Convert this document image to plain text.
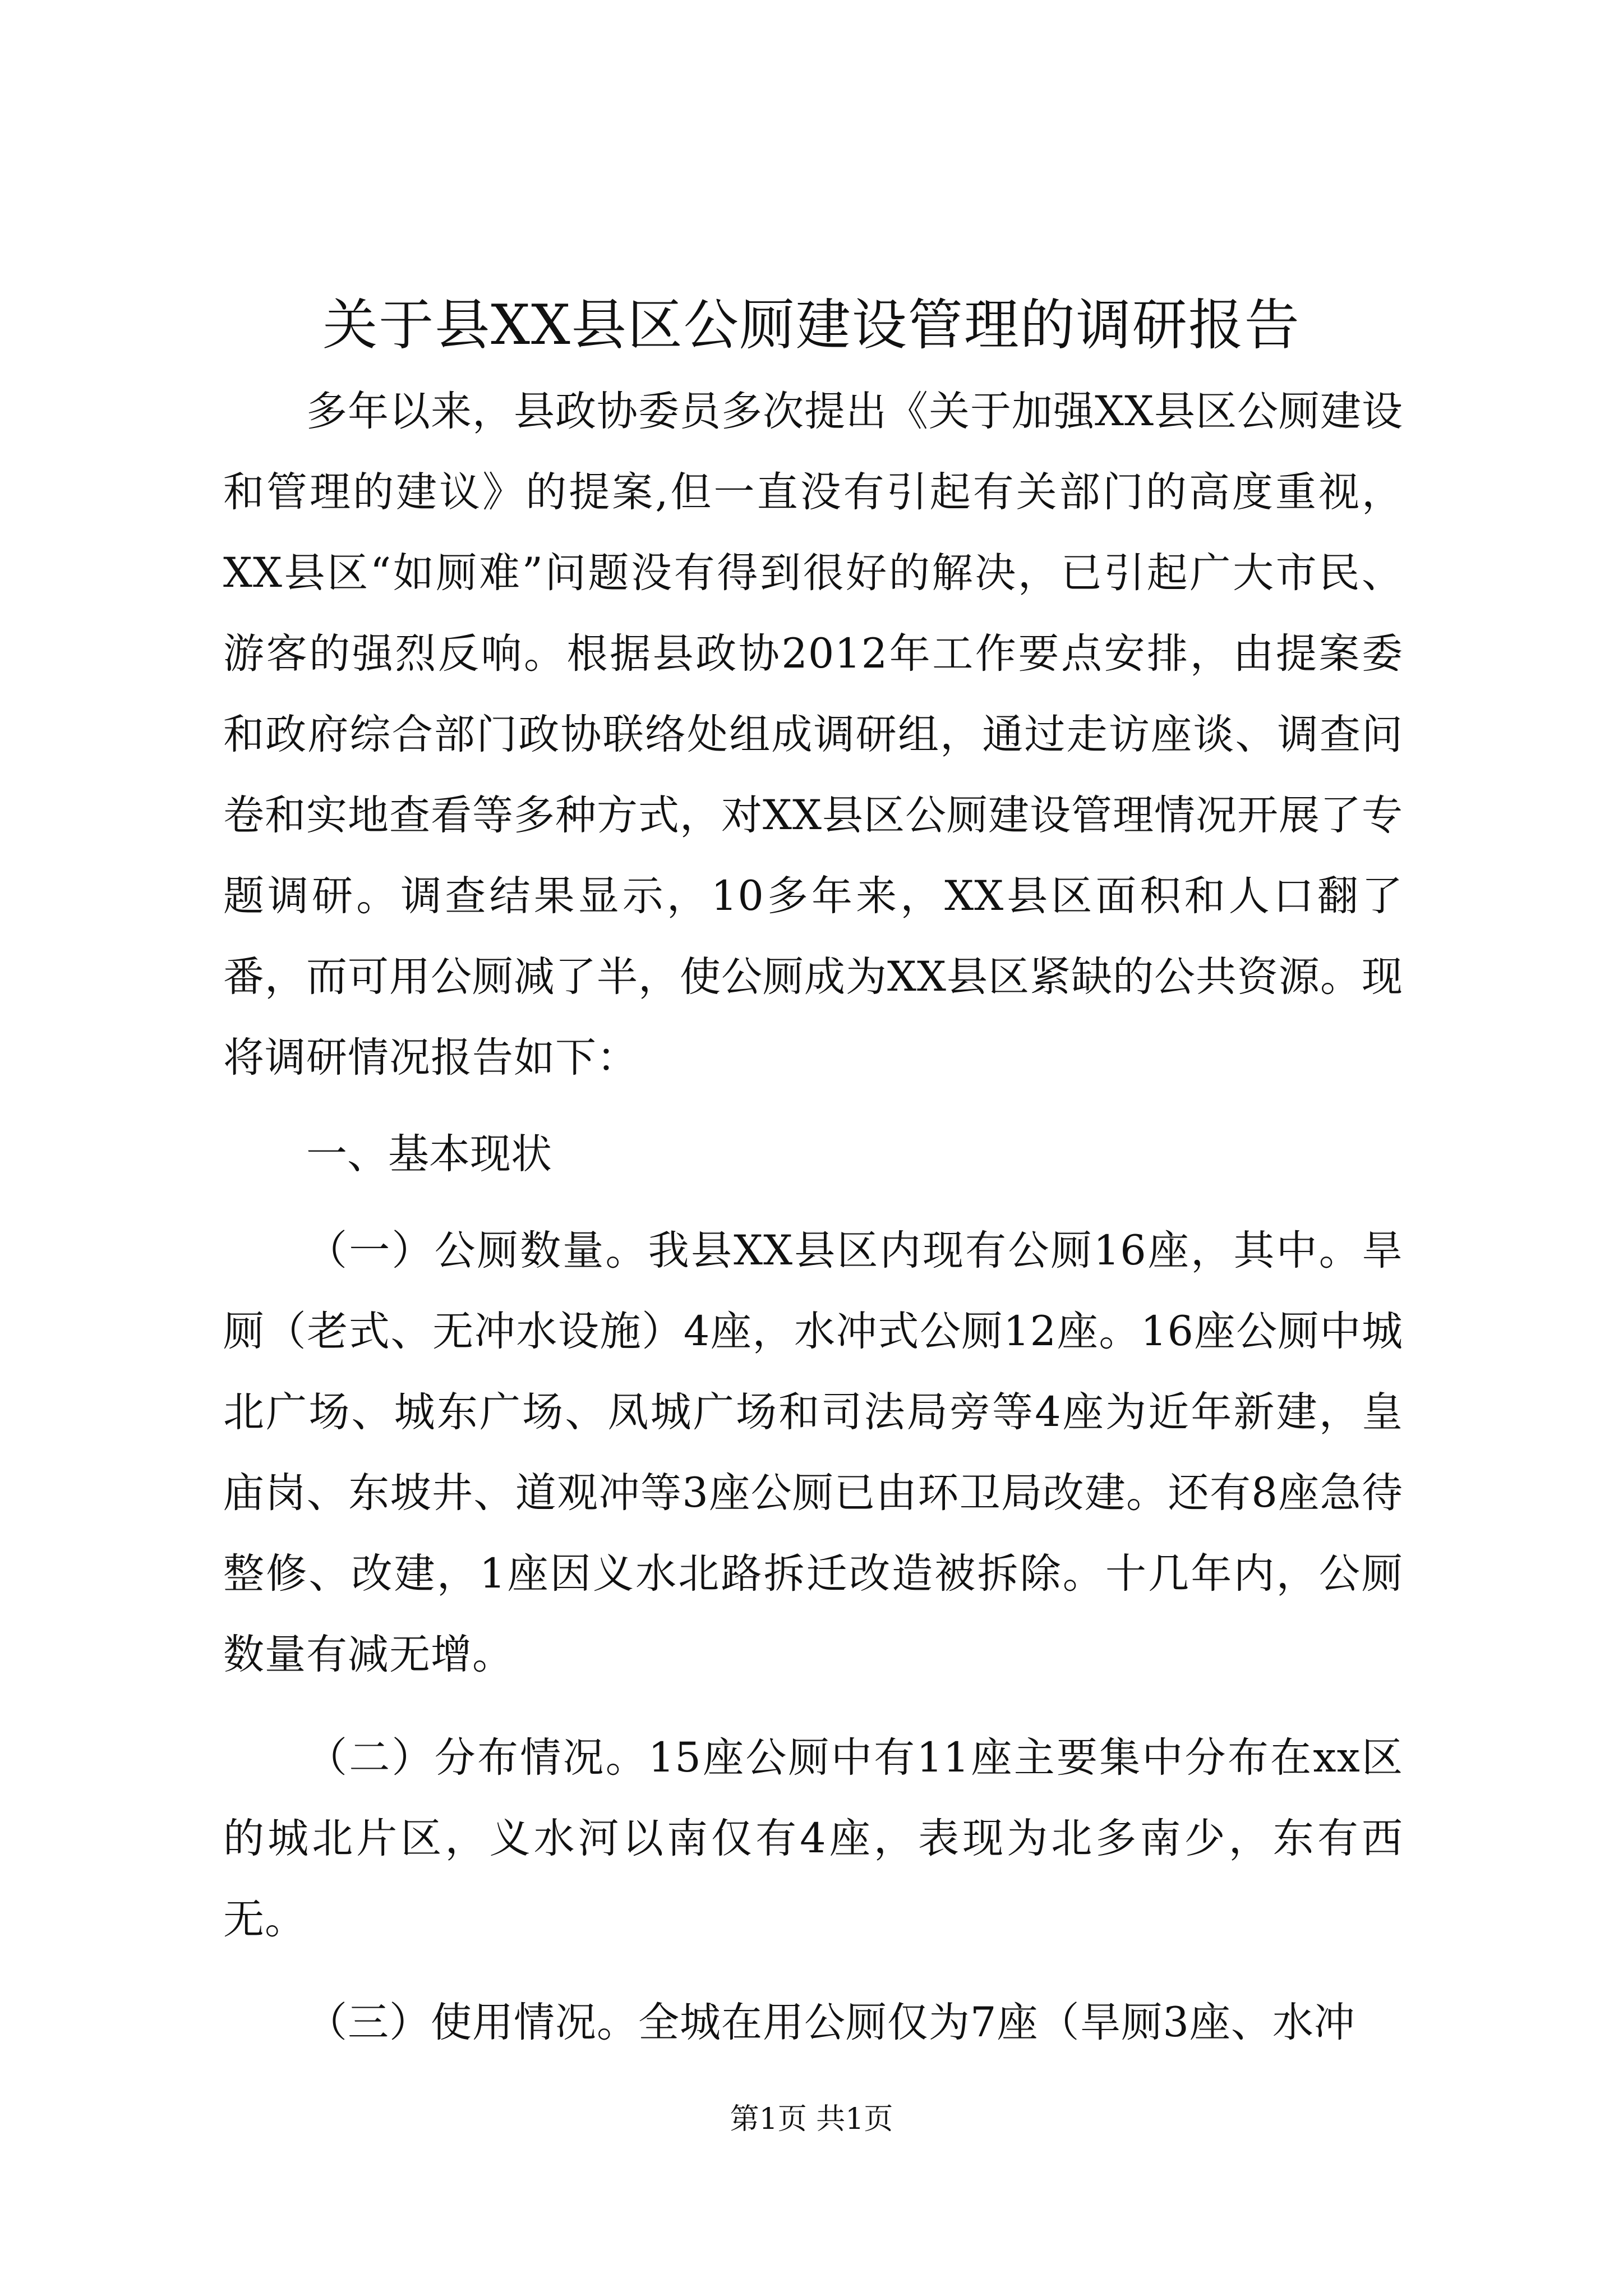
关于县XX县区公厕建设管理的调研报告

多年以来，县政协委员多次提出《关于加强XX县区公厕建设和管理的建议》的提案,但一直没有引起有关部门的高度重视，XX县区“如厕难”问题没有得到很好的解决，已引起广大市民、游客的强烈反响。根据县政协2012年工作要点安排，由提案委和政府综合部门政协联络处组成调研组，通过走访座谈、调查问卷和实地查看等多种方式，对XX县区公厕建设管理情况开展了专题调研。调查结果显示，10多年来，XX县区面积和人口翻了番，而可用公厕减了半，使公厕成为XX县区紧缺的公共资源。现将调研情况报告如下：

一、基本现状

（一）公厕数量。我县XX县区内现有公厕16座，其中。旱厕（老式、无冲水设施）4座，水冲式公厕12座。16座公厕中城北广场、城东广场、凤城广场和司法局旁等4座为近年新建，皇庙岗、东坡井、道观冲等3座公厕已由环卫局改建。还有8座急待整修、改建，1座因义水北路拆迁改造被拆除。十几年内，公厕数量有减无增。

（二）分布情况。15座公厕中有11座主要集中分布在xx区的城北片区，义水河以南仅有4座，表现为北多南少，东有西无。

（三）使用情况。全城在用公厕仅为7座（旱厕3座、水冲

第1页 共1页
